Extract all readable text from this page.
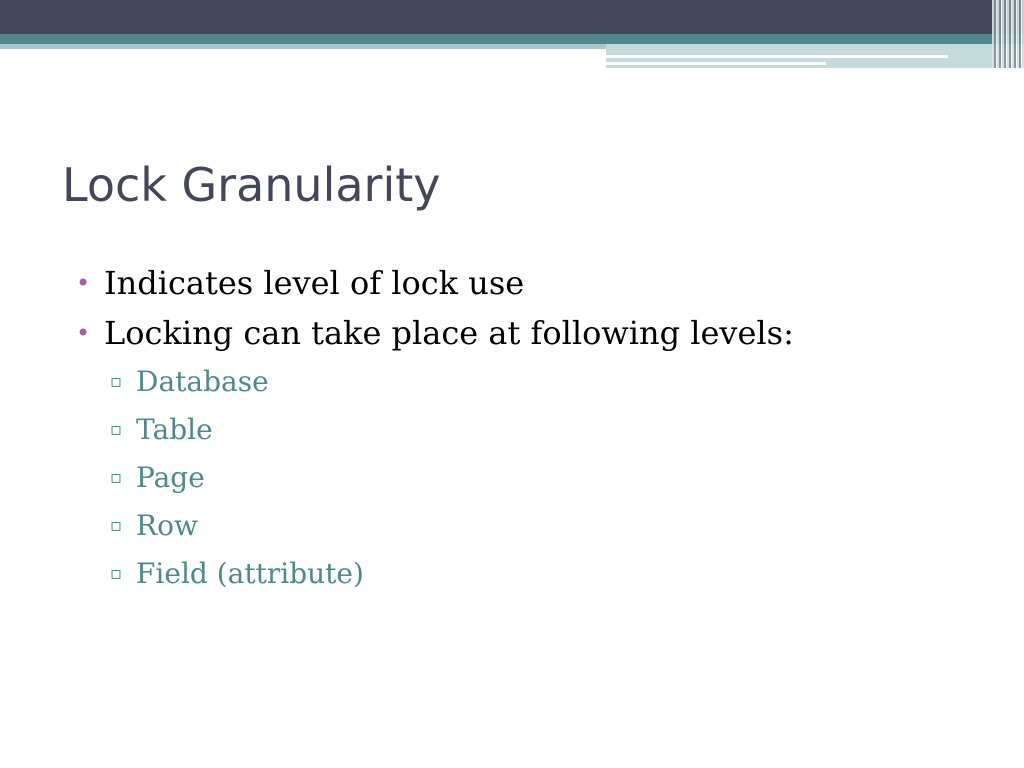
Lock Granularity
• Indicates level of lock use
• Locking can take place at following levels:
▫ Database
▫ Table
▫ Page
▫ Row
▫ Field (attribute)
